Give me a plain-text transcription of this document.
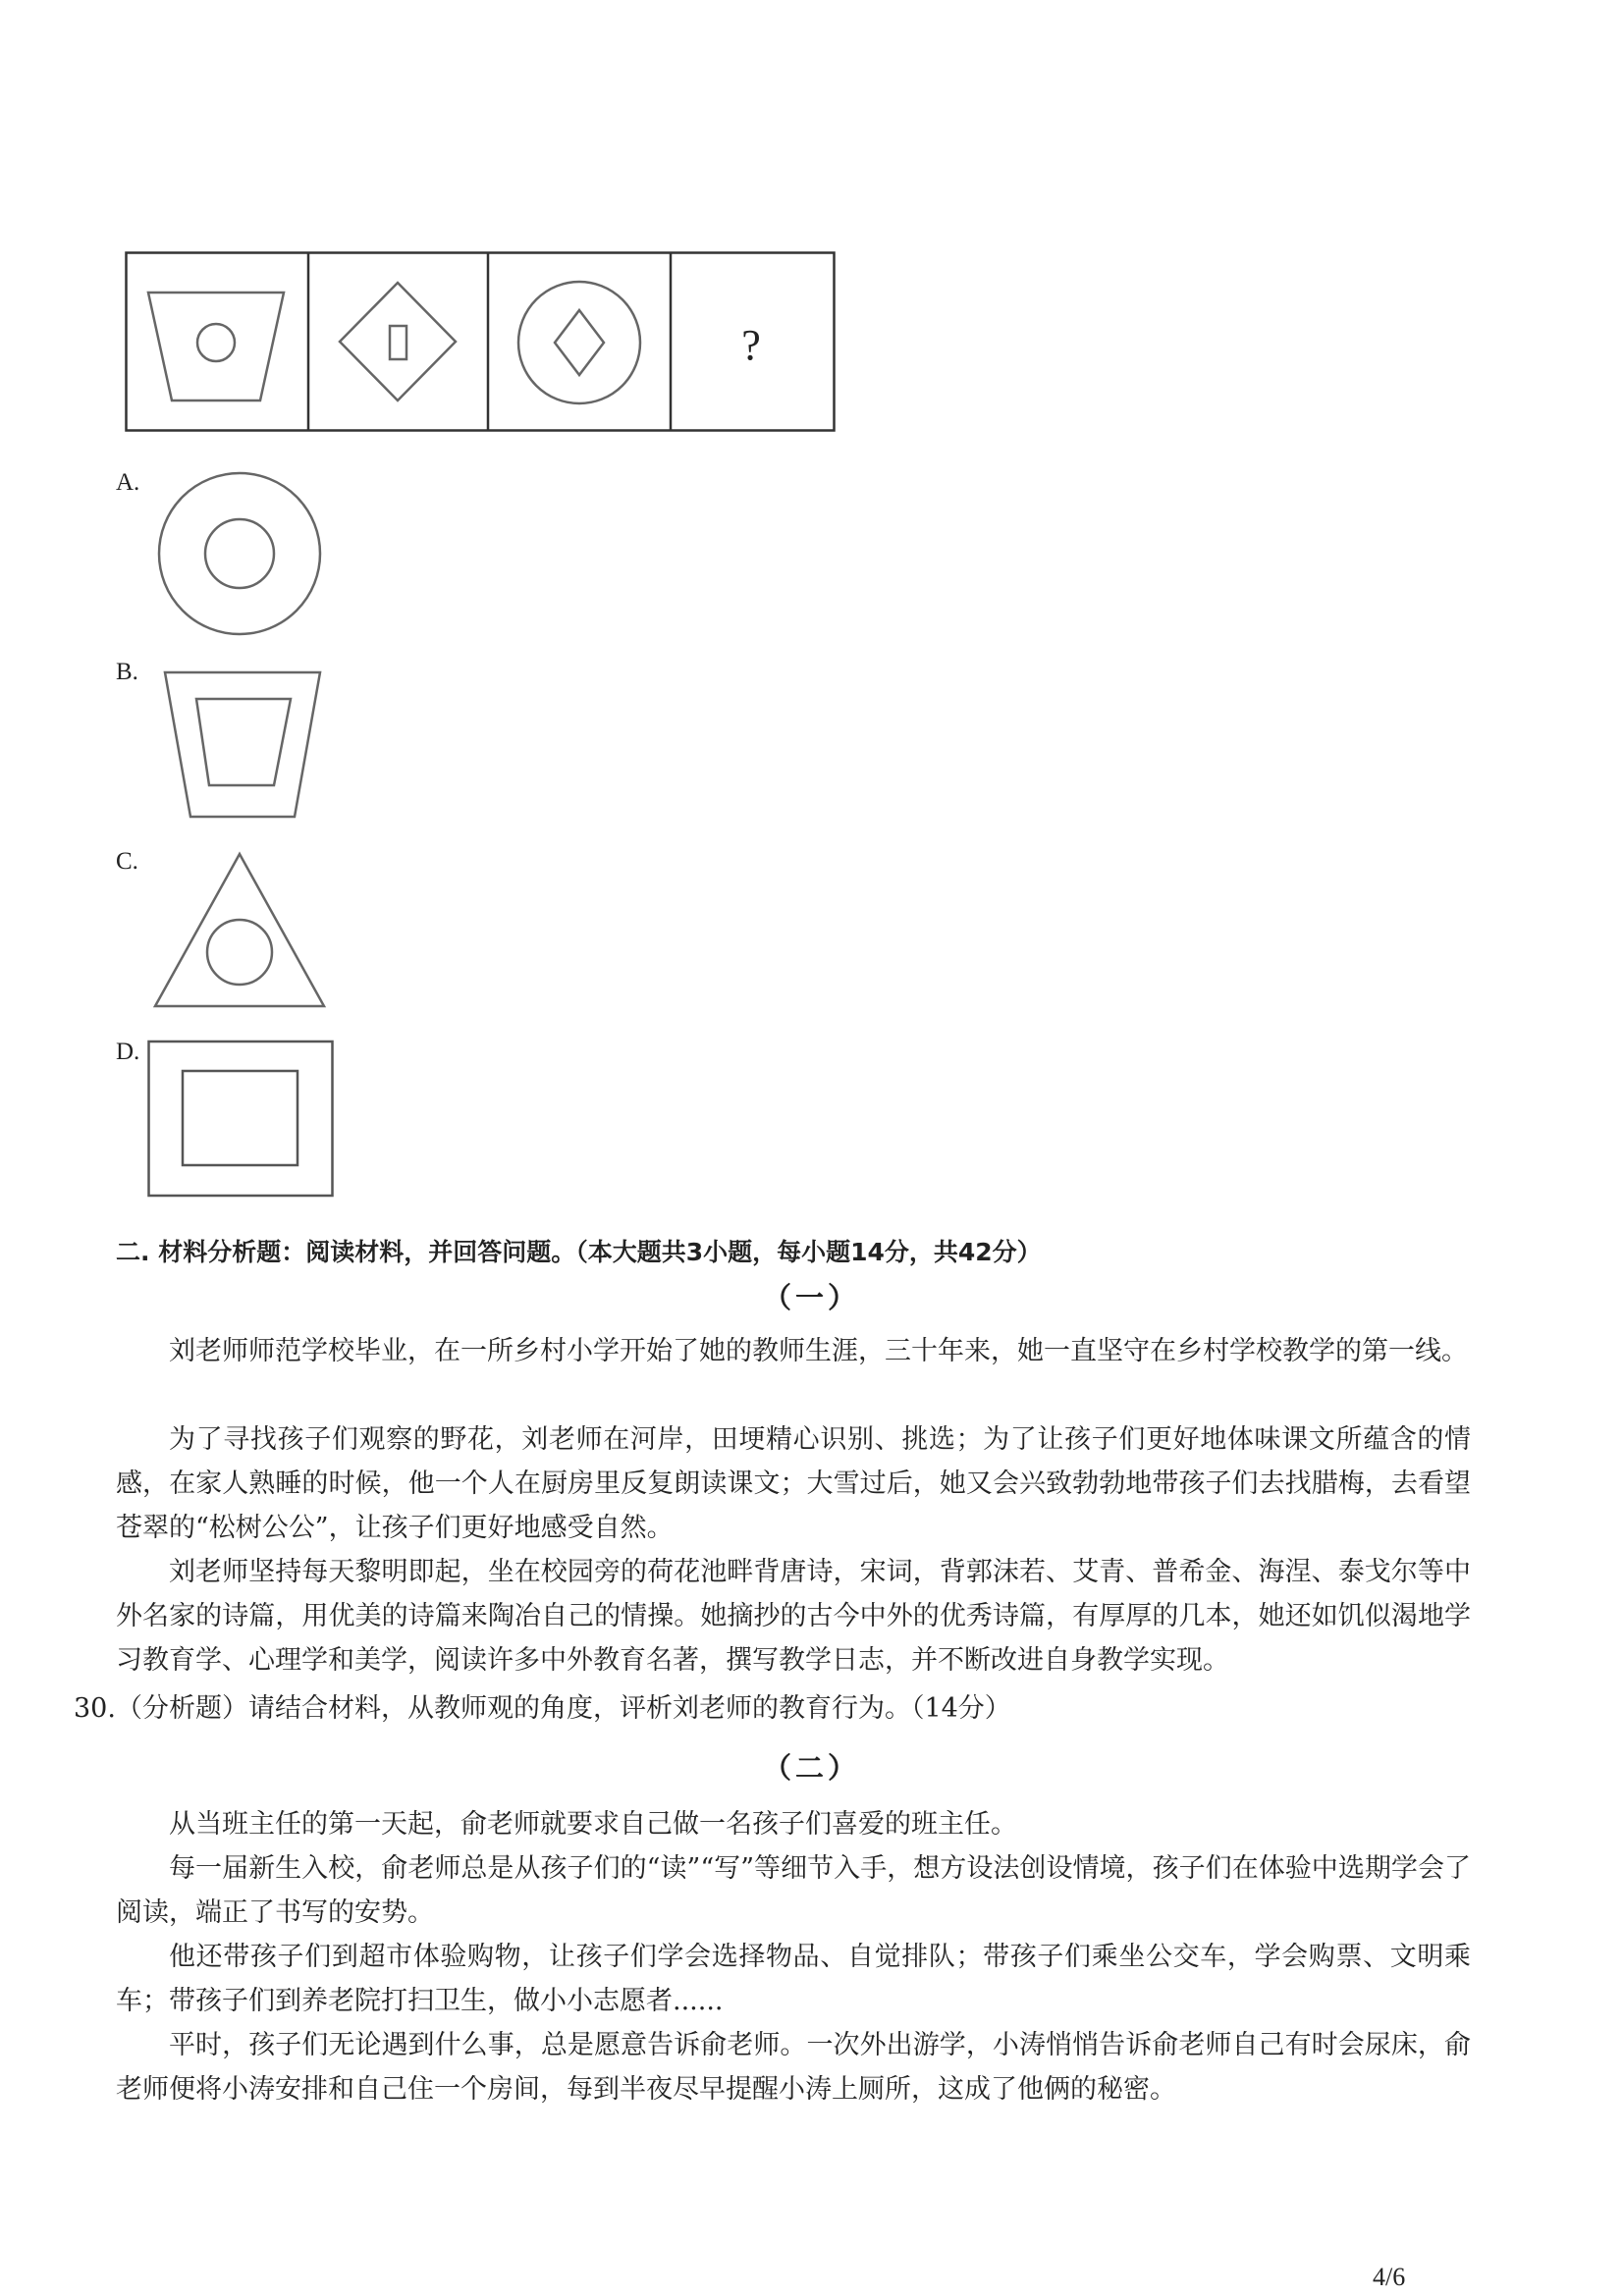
?
A.
B.
C.
D.
二. 材料分析题：阅读材料，并回答问题。（本大题共3小题，每小题14分，共42分）
（一）

刘老师师范学校毕业，在一所乡村小学开始了她的教师生涯，三十年来，她一直坚守在乡村学校教学的第一线。

为了寻找孩子们观察的野花，刘老师在河岸，田埂精心识别、挑选；为了让孩子们更好地体味课文所蕴含的情感，在家人熟睡的时候，他一个人在厨房里反复朗读课文；大雪过后，她又会兴致勃勃地带孩子们去找腊梅，去看望苍翠的“松树公公”，让孩子们更好地感受自然。

刘老师坚持每天黎明即起，坐在校园旁的荷花池畔背唐诗，宋词，背郭沫若、艾青、普希金、海涅、泰戈尔等中外名家的诗篇，用优美的诗篇来陶冶自己的情操。她摘抄的古今中外的优秀诗篇，有厚厚的几本，她还如饥似渴地学习教育学、心理学和美学，阅读许多中外教育名著，撰写教学日志，并不断改进自身教学实现。

30.（分析题）请结合材料，从教师观的角度，评析刘老师的教育行为。（14分）

（二）

从当班主任的第一天起，俞老师就要求自己做一名孩子们喜爱的班主任。

每一届新生入校，俞老师总是从孩子们的“读”“写”等细节入手，想方设法创设情境，孩子们在体验中选期学会了阅读，端正了书写的安势。

他还带孩子们到超市体验购物，让孩子们学会选择物品、自觉排队；带孩子们乘坐公交车，学会购票、文明乘车；带孩子们到养老院打扫卫生，做小小志愿者......

平时，孩子们无论遇到什么事，总是愿意告诉俞老师。一次外出游学，小涛悄悄告诉俞老师自己有时会尿床，俞老师便将小涛安排和自己住一个房间，每到半夜尽早提醒小涛上厕所，这成了他俩的秘密。

4/6
